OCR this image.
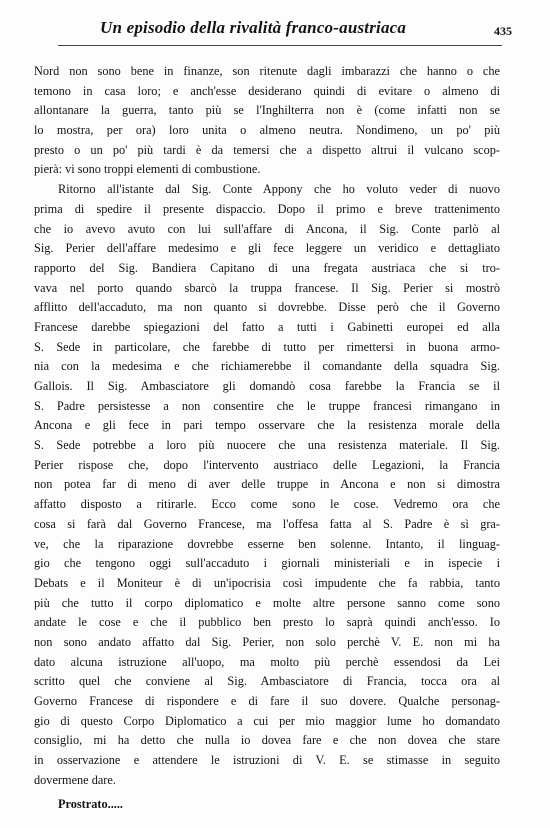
Un episodio della rivalità franco-austriaca	435
Nord non sono bene in finanze, son ritenute dagli imbarazzi che hanno o che
temono in casa loro; e anch'esse desiderano quindi di evitare o almeno di
allontanare la guerra, tanto più se l'Inghilterra non è (come infatti non se
lo mostra, per ora) loro unita o almeno neutra. Nondimeno, un po' più
presto o un po' più tardi è da temersi che a dispetto altrui il vulcano scop-
pierà: vi sono troppi elementi di combustione.
Ritorno all'istante dal Sig. Conte Appony che ho voluto veder di nuovo
prima di spedire il presente dispaccio. Dopo il primo e breve trattenimento
che io avevo avuto con lui sull'affare di Ancona, il Sig. Conte parlò al
Sig. Perier dell'affare medesimo e gli fece leggere un veridico e dettagliato
rapporto del Sig. Bandiera Capitano di una fregata austriaca che si tro-
vava nel porto quando sbarcò la truppa francese. Il Sig. Perier si mostrò
afflitto dell'accaduto, ma non quanto si dovrebbe. Disse però che il Governo
Francese darebbe spiegazioni del fatto a tutti i Gabinetti europei ed alla
S. Sede in particolare, che farebbe di tutto per rimettersi in buona armo-
nia con la medesima e che richiamerebbe il comandante della squadra Sig.
Gallois. Il Sig. Ambasciatore gli domandò cosa farebbe la Francia se il
S. Padre persistesse a non consentire che le truppe francesi rimangano in
Ancona e gli fece in pari tempo osservare che la resistenza morale della
S. Sede potrebbe a loro più nuocere che una resistenza materiale. Il Sig.
Perier rispose che, dopo l'intervento austriaco delle Legazioni, la Francia
non potea far di meno di aver delle truppe in Ancona e non si dimostra
affatto disposto a ritirarle. Ecco come sono le cose. Vedremo ora che
cosa si farà dal Governo Francese, ma l'offesa fatta al S. Padre è sì gra-
ve, che la riparazione dovrebbe esserne ben solenne. Intanto, il linguag-
gio che tengono oggi sull'accaduto i giornali ministeriali e in ispecie i
Debats e il Moniteur è di un'ipocrisia così impudente che fa rabbia, tanto
più che tutto il corpo diplomatico e molte altre persone sanno come sono
andate le cose e che il pubblico ben presto lo saprà quindi anch'esso. Io
non sono andato affatto dal Sig. Perier, non solo perchè V. E. non mi ha
dato alcuna istruzione all'uopo, ma molto più perchè essendosi da Lei
scritto quel che conviene al Sig. Ambasciatore di Francia, tocca ora al
Governo Francese di rispondere e di fare il suo dovere. Qualche personag-
gio di questo Corpo Diplomatico a cui per mio maggior lume ho domandato
consiglio, mi ha detto che nulla io dovea fare e che non dovea che stare
in osservazione e attendere le istruzioni di V. E. se stimasse in seguito
dovermene dare.
Prostrato.....
